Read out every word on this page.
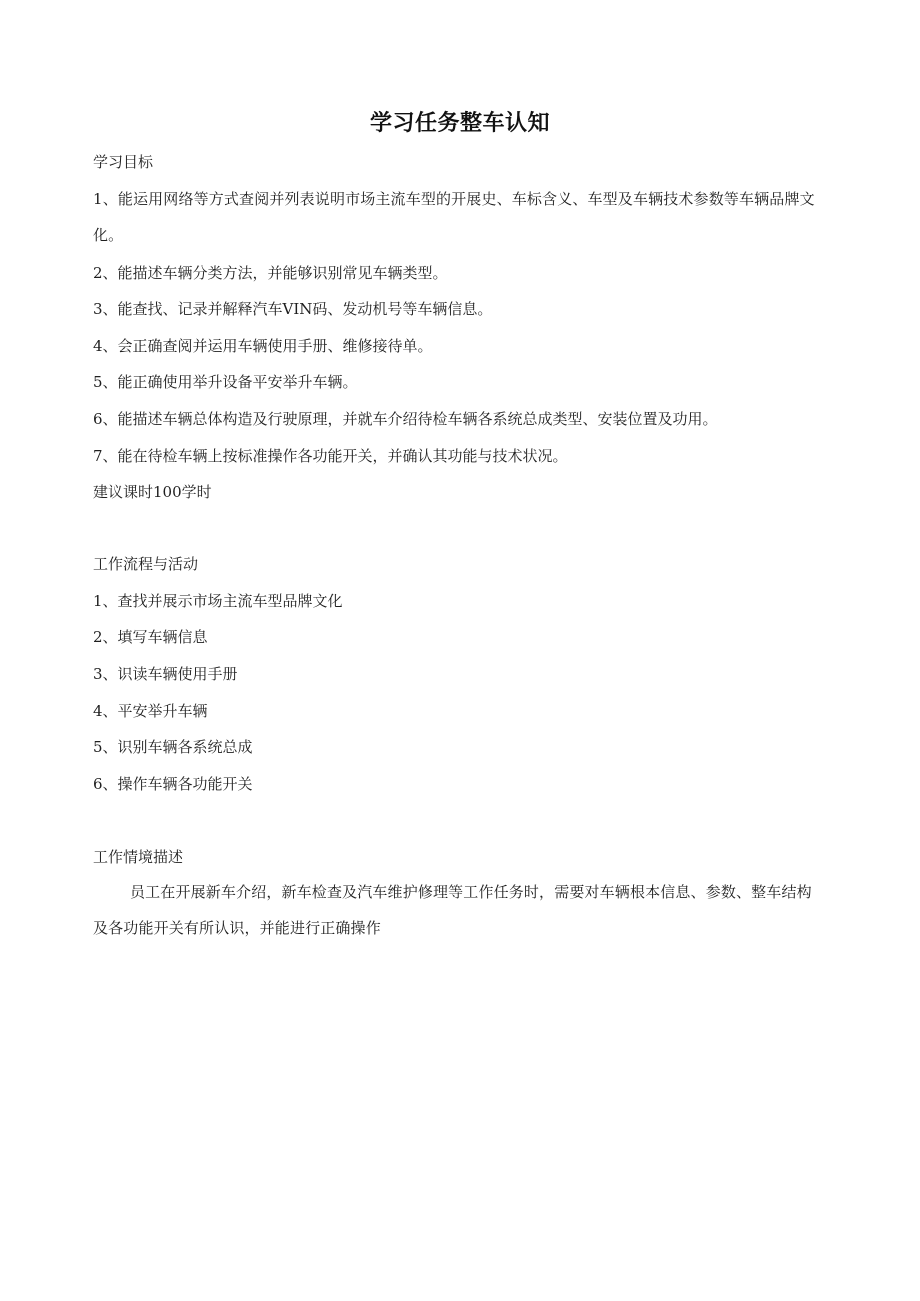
学习任务整车认知
学习目标
1、能运用网络等方式查阅并列表说明市场主流车型的开展史、车标含义、车型及车辆技术参数等车辆品牌文化。
2、能描述车辆分类方法，并能够识别常见车辆类型。
3、能查找、记录并解释汽车VIN码、发动机号等车辆信息。
4、会正确查阅并运用车辆使用手册、维修接待单。
5、能正确使用举升设备平安举升车辆。
6、能描述车辆总体构造及行驶原理，并就车介绍待检车辆各系统总成类型、安装位置及功用。
7、能在待检车辆上按标准操作各功能开关，并确认其功能与技术状况。
建议课时100学时
工作流程与活动
1、查找并展示市场主流车型品牌文化
2、填写车辆信息
3、识读车辆使用手册
4、平安举升车辆
5、识别车辆各系统总成
6、操作车辆各功能开关
工作情境描述
员工在开展新车介绍，新车检查及汽车维护修理等工作任务时，需要对车辆根本信息、参数、整车结构及各功能开关有所认识，并能进行正确操作
